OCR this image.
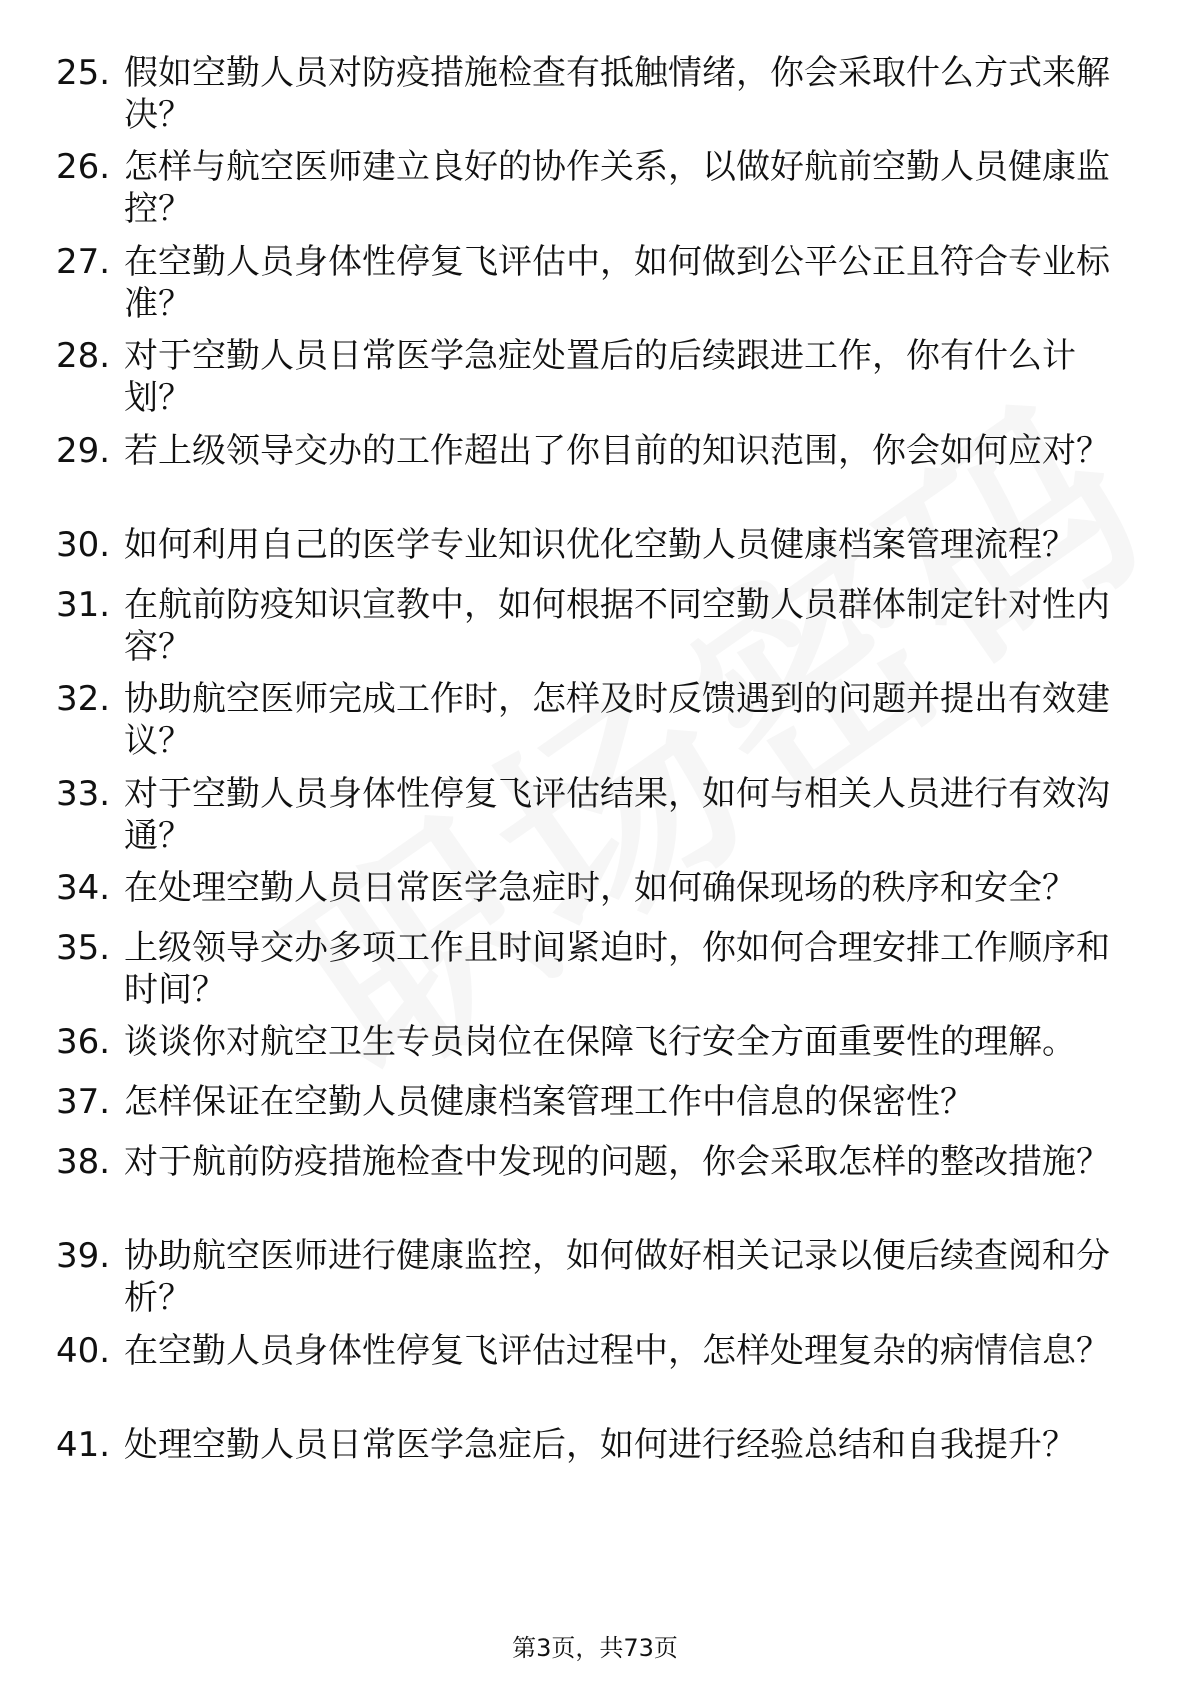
25. 假如空勤人员对防疫措施检查有抵触情绪，你会采取什么方式来解决？
26. 怎样与航空医师建立良好的协作关系，以做好航前空勤人员健康监控？
27. 在空勤人员身体性停复飞评估中，如何做到公平公正且符合专业标准？
28. 对于空勤人员日常医学急症处置后的后续跟进工作，你有什么计划？
29. 若上级领导交办的工作超出了你目前的知识范围，你会如何应对？
30. 如何利用自己的医学专业知识优化空勤人员健康档案管理流程？
31. 在航前防疫知识宣教中，如何根据不同空勤人员群体制定针对性内容？
32. 协助航空医师完成工作时，怎样及时反馈遇到的问题并提出有效建议？
33. 对于空勤人员身体性停复飞评估结果，如何与相关人员进行有效沟通？
34. 在处理空勤人员日常医学急症时，如何确保现场的秩序和安全？
35. 上级领导交办多项工作且时间紧迫时，你如何合理安排工作顺序和时间？
36. 谈谈你对航空卫生专员岗位在保障飞行安全方面重要性的理解。
37. 怎样保证在空勤人员健康档案管理工作中信息的保密性？
38. 对于航前防疫措施检查中发现的问题，你会采取怎样的整改措施？
39. 协助航空医师进行健康监控，如何做好相关记录以便后续查阅和分析？
40. 在空勤人员身体性停复飞评估过程中，怎样处理复杂的病情信息？
41. 处理空勤人员日常医学急症后，如何进行经验总结和自我提升？
第3页，共73页
